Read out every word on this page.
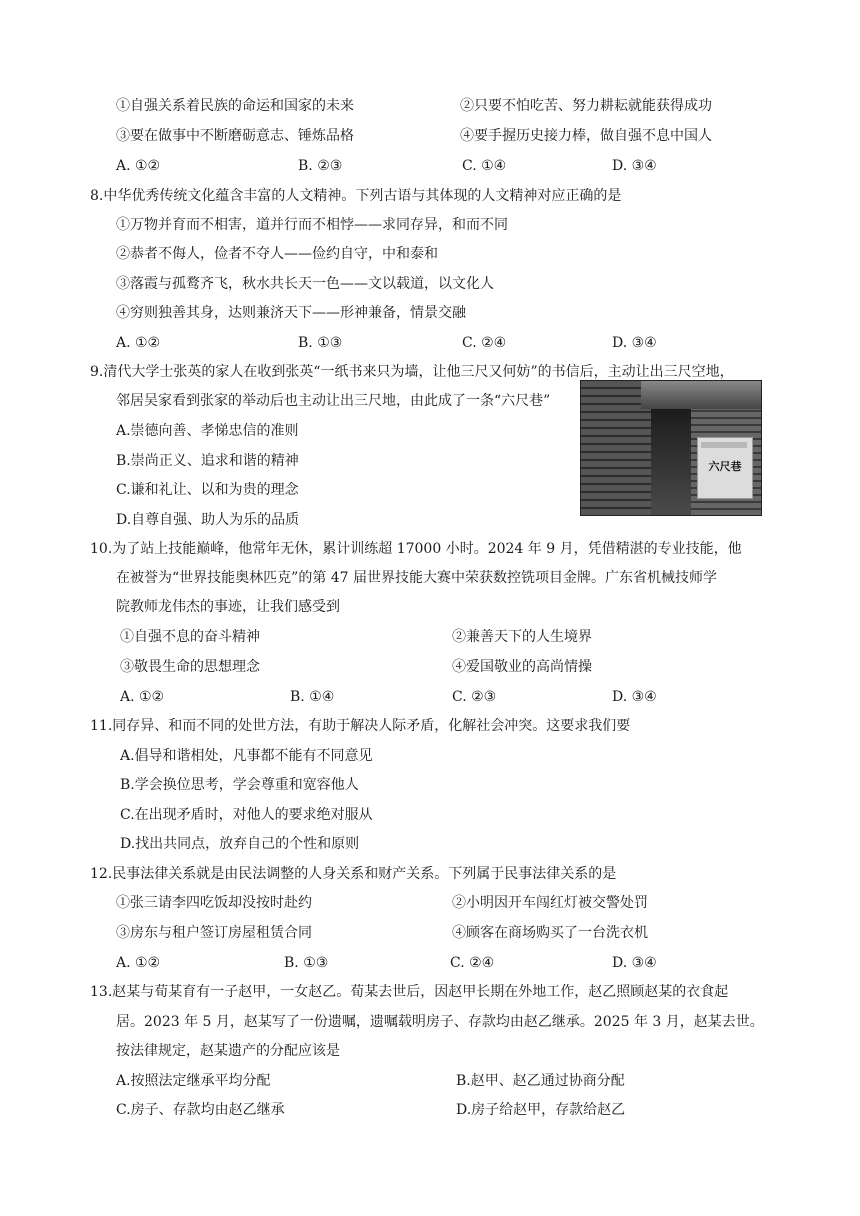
①自强关系着民族的命运和国家的未来	②只要不怕吃苦、努力耕耘就能获得成功
③要在做事中不断磨砺意志、锤炼品格	④要手握历史接力棒，做自强不息中国人
A. ①②	B. ②③	C. ①④	D. ③④
8.中华优秀传统文化蕴含丰富的人文精神。下列古语与其体现的人文精神对应正确的是
①万物并育而不相害，道并行而不相悖——求同存异，和而不同
②恭者不侮人，俭者不夺人——俭约自守，中和泰和
③落霞与孤鹜齐飞，秋水共长天一色——文以载道，以文化人
④穷则独善其身，达则兼济天下——形神兼备，情景交融
A. ①②	B. ①③	C. ②④	D. ③④
9.清代大学士张英的家人在收到张英“一纸书来只为墙，让他三尺又何妨”的书信后，主动让出三尺空地，
邻居吴家看到张家的举动后也主动让出三尺地，由此成了一条“六尺巷”
六尺巷
A.崇德向善、孝悌忠信的准则
B.崇尚正义、追求和谐的精神
C.谦和礼让、以和为贵的理念
D.自尊自强、助人为乐的品质
10.为了站上技能巅峰，他常年无休，累计训练超 17000 小时。2024 年 9 月，凭借精湛的专业技能，他
在被誉为“世界技能奥林匹克”的第 47 届世界技能大赛中荣获数控铣项目金牌。广东省机械技师学
院教师龙伟杰的事迹，让我们感受到
①自强不息的奋斗精神	②兼善天下的人生境界
③敬畏生命的思想理念	④爱国敬业的高尚情操
A. ①②	B. ①④	C. ②③	D. ③④
11.同存异、和而不同的处世方法，有助于解决人际矛盾，化解社会冲突。这要求我们要
A.倡导和谐相处，凡事都不能有不同意见
B.学会换位思考，学会尊重和宽容他人
C.在出现矛盾时，对他人的要求绝对服从
D.找出共同点，放弃自己的个性和原则
12.民事法律关系就是由民法调整的人身关系和财产关系。下列属于民事法律关系的是
①张三请李四吃饭却没按时赴约	②小明因开车闯红灯被交警处罚
③房东与租户签订房屋租赁合同	④顾客在商场购买了一台洗衣机
A. ①②	B. ①③	C. ②④	D. ③④
13.赵某与荀某育有一子赵甲，一女赵乙。荀某去世后，因赵甲长期在外地工作，赵乙照顾赵某的衣食起
居。2023 年 5 月，赵某写了一份遗嘱，遗嘱载明房子、存款均由赵乙继承。2025 年 3 月，赵某去世。
按法律规定，赵某遗产的分配应该是
A.按照法定继承平均分配	B.赵甲、赵乙通过协商分配
C.房子、存款均由赵乙继承	D.房子给赵甲，存款给赵乙
